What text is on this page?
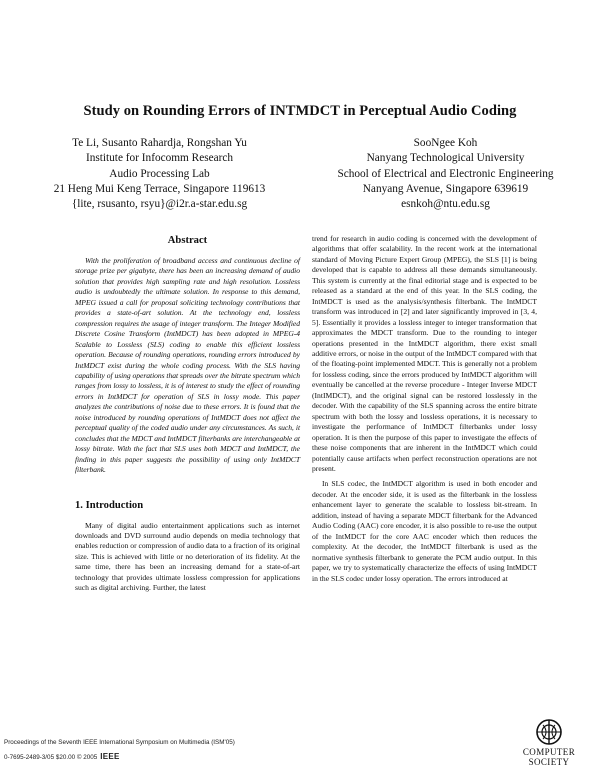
Study on Rounding Errors of INTMDCT in Perceptual Audio Coding
Te Li, Susanto Rahardja, Rongshan Yu
Institute for Infocomm Research
Audio Processing Lab
21 Heng Mui Keng Terrace, Singapore 119613
{lite, rsusanto, rsyu}@i2r.a-star.edu.sg
SooNgee Koh
Nanyang Technological University
School of Electrical and Electronic Engineering
Nanyang Avenue, Singapore 639619
esnkoh@ntu.edu.sg
Abstract

With the proliferation of broadband access and continuous decline of storage prize per gigabyte, there has been an increasing demand of audio solution that provides high sampling rate and high resolution. Lossless audio is undoubtedly the ultimate solution. In response to this demand, MPEG issued a call for proposal soliciting technology contributions that provides a state-of-art solution. At the technology end, lossless compression requires the usage of integer transform. The Integer Modified Discrete Cosine Transform (IntMDCT) has been adopted in MPEG-4 Scalable to Lossless (SLS) coding to enable this efficient lossless operation. Because of rounding operations, rounding errors introduced by IntMDCT exist during the whole coding process. With the SLS having capability of using operations that spreads over the bitrate spectrum which ranges from lossy to lossless, it is of interest to study the effect of rounding errors in IntMDCT for operation of SLS in lossy mode. This paper analyzes the contributions of noise due to these errors. It is found that the noise introduced by rounding operations of IntMDCT does not affect the perceptual quality of the coded audio under any circumstances. As such, it concludes that the MDCT and IntMDCT filterbanks are interchangeable at lossy bitrate. With the fact that SLS uses both MDCT and IntMDCT, the finding in this paper suggests the possibility of using only IntMDCT filterbank.

1. Introduction

Many of digital audio entertainment applications such as internet downloads and DVD surround audio depends on media technology that enables reduction or compression of audio data to a fraction of its original size. This is achieved with little or no deterioration of its fidelity. At the same time, there has been an increasing demand for a state-of-art technology that provides ultimate lossless compression for applications such as digital archiving. Further, the latest

trend for research in audio coding is concerned with the development of algorithms that offer scalability. In the recent work at the international standard of Moving Picture Expert Group (MPEG), the SLS [1] is being developed that is capable to address all these demands simultaneously. This system is currently at the final editorial stage and is expected to be released as a standard at the end of this year. In the SLS coding, the IntMDCT is used as the analysis/synthesis filterbank. The IntMDCT transform was introduced in [2] and later significantly improved in [3, 4, 5]. Essentially it provides a lossless integer to integer transformation that approximates the MDCT transform. Due to the rounding to integer operations presented in the IntMDCT algorithm, there exist small additive errors, or noise in the output of the IntMDCT compared with that of the floating-point implemented MDCT. This is generally not a problem for lossless coding, since the errors produced by IntMDCT algorithm will eventually be cancelled at the reverse procedure - Integer Inverse MDCT (IntIMDCT), and the original signal can be restored losslessly in the decoder. With the capability of the SLS spanning across the entire bitrate spectrum with both the lossy and lossless operations, it is necessary to investigate the performance of IntMDCT filterbanks under lossy operation. It is then the purpose of this paper to investigate the effects of these noise components that are inherent in the IntMDCT which could potentially cause artifacts when perfect reconstruction operations are not present.

In SLS codec, the IntMDCT algorithm is used in both encoder and decoder. At the encoder side, it is used as the filterbank in the lossless enhancement layer to generate the scalable to lossless bit-stream. In addition, instead of having a separate MDCT filterbank for the Advanced Audio Coding (AAC) core encoder, it is also possible to re-use the output of the IntMDCT for the core AAC encoder which then reduces the complexity. At the decoder, the IntMDCT filterbank is used as the normative synthesis filterbank to generate the PCM audio output. In this paper, we try to systematically characterize the effects of using IntMDCT in the SLS codec under lossy operation. The errors introduced at

Proceedings of the Seventh IEEE International Symposium on Multimedia (ISM'05)
0-7695-2489-3/05 $20.00 © 2005 IEEE	COMPUTER
SOCIETY
